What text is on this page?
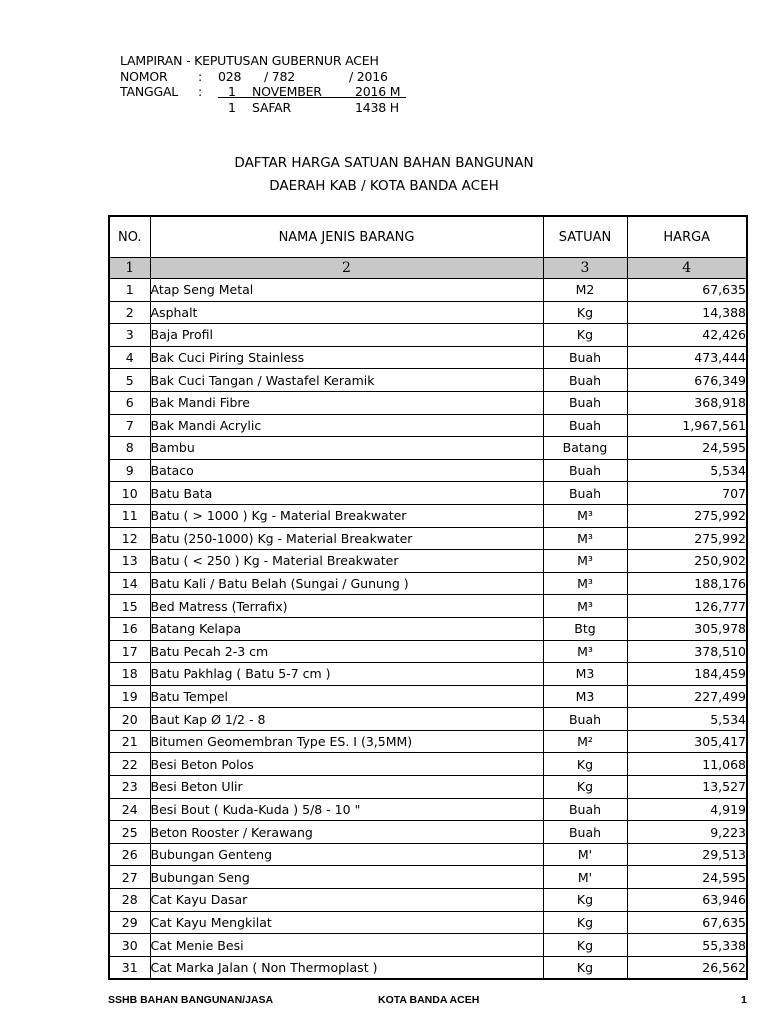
LAMPIRAN - KEPUTUSAN GUBERNUR ACEH
NOMOR : 028 / 782	/ 2016
TANGGAL : 1 NOVEMBER	2016 M
1 SAFAR	1438 H
DAFTAR HARGA SATUAN BAHAN BANGUNAN
DAERAH KAB / KOTA BANDA ACEH
NO.	NAMA JENIS BARANG	SATUAN	HARGA
1	2	3	4
1	Atap Seng Metal	M2	67,635
2	Asphalt	Kg	14,388
3	Baja Profil	Kg	42,426
4	Bak Cuci Piring Stainless	Buah	473,444
5	Bak Cuci Tangan / Wastafel Keramik	Buah	676,349
6	Bak Mandi Fibre	Buah	368,918
7	Bak Mandi Acrylic	Buah	1,967,561
8	Bambu	Batang	24,595
9	Bataco	Buah	5,534
10	Batu Bata	Buah	707
11	Batu ( > 1000 ) Kg - Material Breakwater	M³	275,992
12	Batu (250-1000) Kg - Material Breakwater	M³	275,992
13	Batu ( < 250 ) Kg - Material Breakwater	M³	250,902
14	Batu Kali / Batu Belah (Sungai / Gunung )	M³	188,176
15	Bed Matress (Terrafix)	M³	126,777
16	Batang Kelapa	Btg	305,978
17	Batu Pecah 2-3 cm	M³	378,510
18	Batu Pakhlag ( Batu 5-7 cm )	M3	184,459
19	Batu Tempel	M3	227,499
20	Baut Kap Ø 1/2 - 8	Buah	5,534
21	Bitumen Geomembran Type ES. I (3,5MM)	M²	305,417
22	Besi Beton Polos	Kg	11,068
23	Besi Beton Ulir	Kg	13,527
24	Besi Bout ( Kuda-Kuda ) 5/8 - 10 "	Buah	4,919
25	Beton Rooster / Kerawang	Buah	9,223
26	Bubungan Genteng	M'	29,513
27	Bubungan Seng	M'	24,595
28	Cat Kayu Dasar	Kg	63,946
29	Cat Kayu Mengkilat	Kg	67,635
30	Cat Menie Besi	Kg	55,338
31	Cat Marka Jalan ( Non Thermoplast )	Kg	26,562
SSHB BAHAN BANGUNAN/JASA	KOTA BANDA ACEH	1
